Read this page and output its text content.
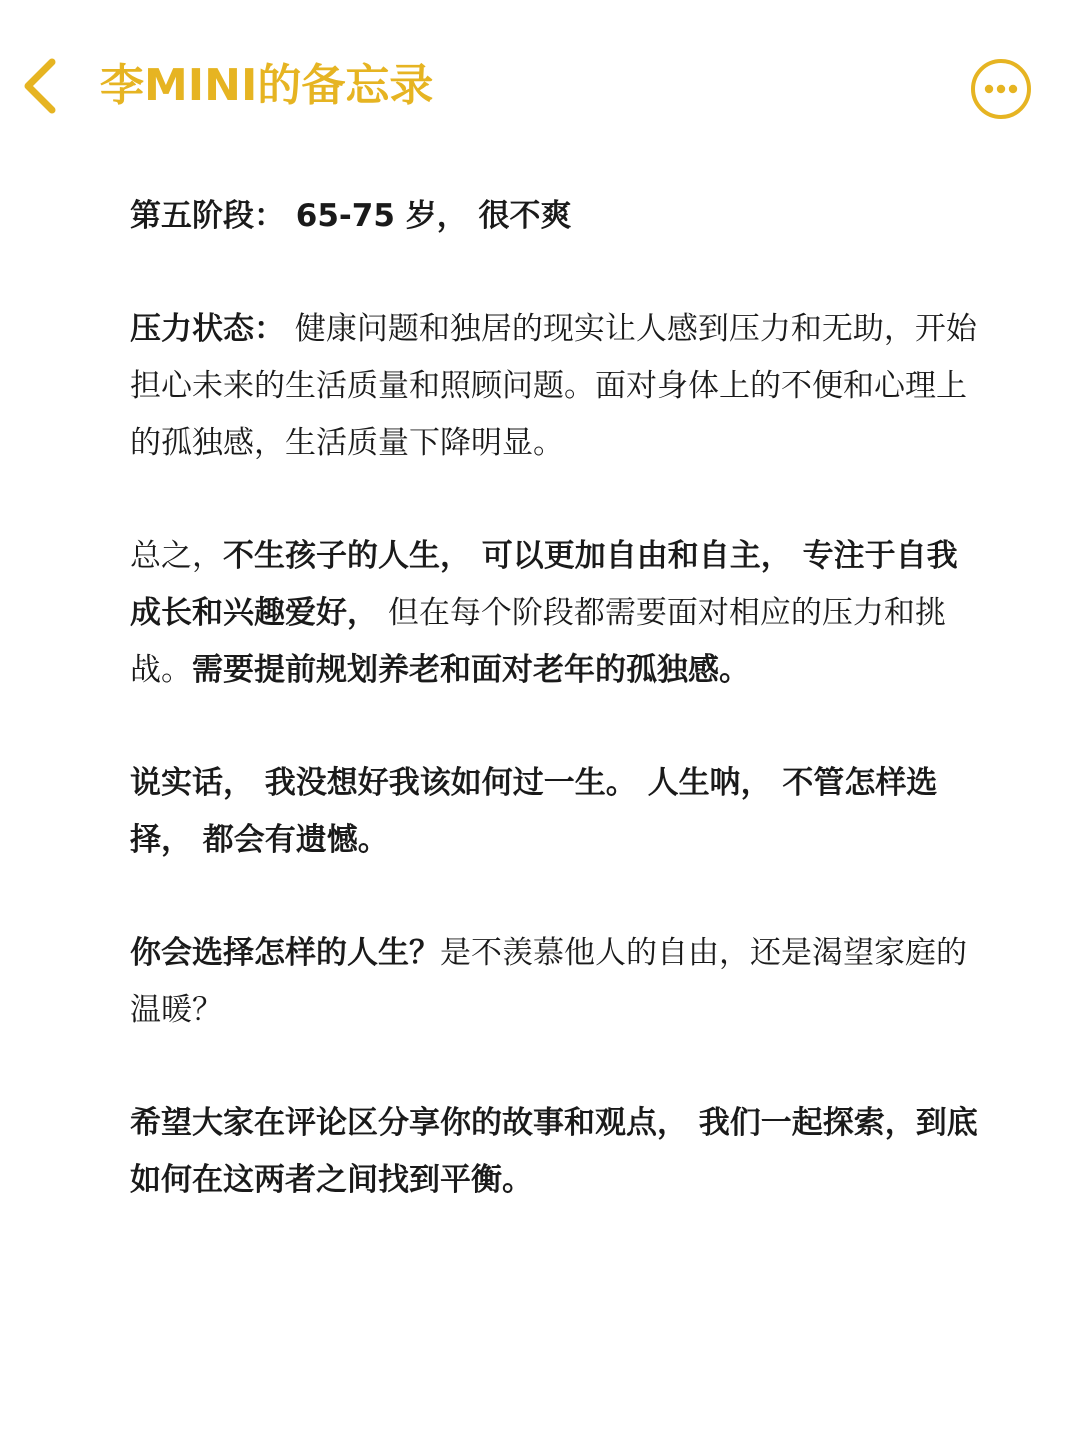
李MINI的备忘录

第五阶段： 65-75 岁， 很不爽

压力状态： 健康问题和独居的现实让人感到压力和无助，开始担心未来的生活质量和照顾问题。面对身体上的不便和心理上的孤独感，生活质量下降明显。

总之，不生孩子的人生， 可以更加自由和自主， 专注于自我成长和兴趣爱好， 但在每个阶段都需要面对相应的压力和挑战。需要提前规划养老和面对老年的孤独感。

说实话， 我没想好我该如何过一生。 人生呐， 不管怎样选择， 都会有遗憾。

你会选择怎样的人生？是不羡慕他人的自由，还是渴望家庭的温暖？

希望大家在评论区分享你的故事和观点， 我们一起探索，到底如何在这两者之间找到平衡。
